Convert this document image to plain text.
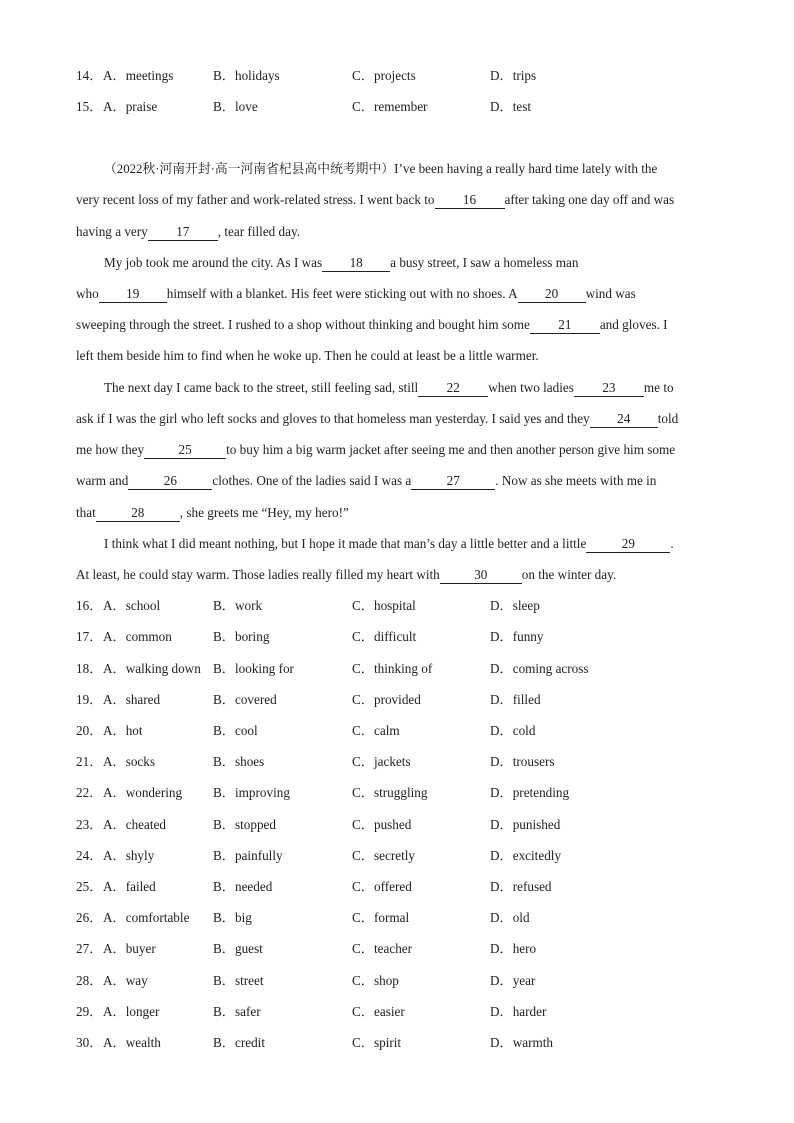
14． A．meetings	B．holidays	C．projects	D．trips
15． A．praise	B．love	C．remember	D．test
（2022秋·河南开封·高一河南省杞县高中统考期中）I’ve been having a really hard time lately with the
very recent loss of my father and work-related stress. I went back to 16 after taking one day off and was
having a very 17 , tear filled day.
My job took me around the city. As I was 18 a busy street, I saw a homeless man
who 19 himself with a blanket. His feet were sticking out with no shoes. A 20 wind was
sweeping through the street. I rushed to a shop without thinking and bought him some 21 and gloves. I
left them beside him to find when he woke up. Then he could at least be a little warmer.
The next day I came back to the street, still feeling sad, still 22 when two ladies 23 me to
ask if I was the girl who left socks and gloves to that homeless man yesterday. I said yes and they 24 told
me how they	25	to buy him a big warm jacket after seeing me and then another person give him some
warm and	26	clothes. One of the ladies said I was a	27	. Now as she meets with me in
that	28	, she greets me “Hey, my hero!”
I think what I did meant nothing, but I hope it made that man’s day a little better and a little	29	.
At least, he could stay warm. Those ladies really filled my heart with	30	on the winter day.
16． A．school	B．work	C．hospital	D．sleep
17． A．common	B．boring	C．difficult	D．funny
18． A．walking down B．looking for	C．thinking of	D．coming across
19． A．shared	B．covered	C．provided	D．filled
20． A．hot	B．cool	C．calm	D．cold
21． A．socks	B．shoes	C．jackets	D．trousers
22． A．wondering B．improving	C．struggling	D．pretending
23． A．cheated	B．stopped	C．pushed	D．punished
24． A．shyly	B．painfully	C．secretly	D．excitedly
25． A．failed	B．needed	C．offered	D．refused
26． A．comfortable B．big	C．formal	D．old
27． A．buyer	B．guest	C．teacher	D．hero
28． A．way	B．street	C．shop	D．year
29． A．longer	B．safer	C．easier	D．harder
30． A．wealth	B．credit	C．spirit	D．warmth
